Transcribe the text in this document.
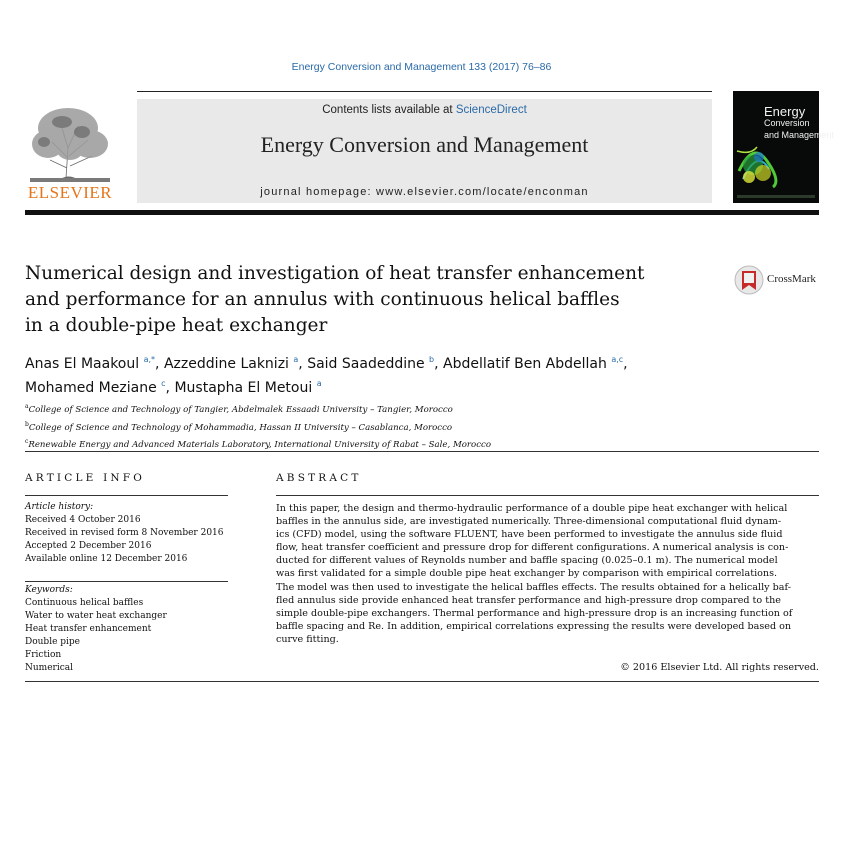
Energy Conversion and Management 133 (2017) 76–86
ELSEVIER
Contents lists available at ScienceDirect
Energy Conversion and Management
journal homepage: www.elsevier.com/locate/enconman
Energy
Conversion
and Management
Numerical design and investigation of heat transfer enhancement
and performance for an annulus with continuous helical baffles
in a double-pipe heat exchanger
CrossMark
Anas El Maakoul $^{a,*}$, Azzeddine Laknizi $^a$, Said Saadeddine $^b$, Abdellatif Ben Abdellah $^{a,c}$,
Mohamed Meziane $^c$, Mustapha El Metoui $^a$
$^a$College of Science and Technology of Tangier, Abdelmalek Essaadi University – Tangier, Morocco
$^b$College of Science and Technology of Mohammadia, Hassan II University – Casablanca, Morocco
$^c$Renewable Energy and Advanced Materials Laboratory, International University of Rabat – Sale, Morocco
ARTICLE INFO
Article history:
Received 4 October 2016
Received in revised form 8 November 2016
Accepted 2 December 2016
Available online 12 December 2016
Keywords:
Continuous helical baffles
Water to water heat exchanger
Heat transfer enhancement
Double pipe
Friction
Numerical
ABSTRACT
In this paper, the design and thermo-hydraulic performance of a double pipe heat exchanger with helical
baffles in the annulus side, are investigated numerically. Three-dimensional computational fluid dynam-
ics (CFD) model, using the software FLUENT, have been performed to investigate the annulus side fluid
flow, heat transfer coefficient and pressure drop for different configurations. A numerical analysis is con-
ducted for different values of Reynolds number and baffle spacing (0.025–0.1 m). The numerical model
was first validated for a simple double pipe heat exchanger by comparison with empirical correlations.
The model was then used to investigate the helical baffles effects. The results obtained for a helically baf-
fled annulus side provide enhanced heat transfer performance and high-pressure drop compared to the
simple double-pipe exchangers. Thermal performance and high-pressure drop is an increasing function of
baffle spacing and Re. In addition, empirical correlations expressing the results were developed based on
curve fitting.
© 2016 Elsevier Ltd. All rights reserved.
